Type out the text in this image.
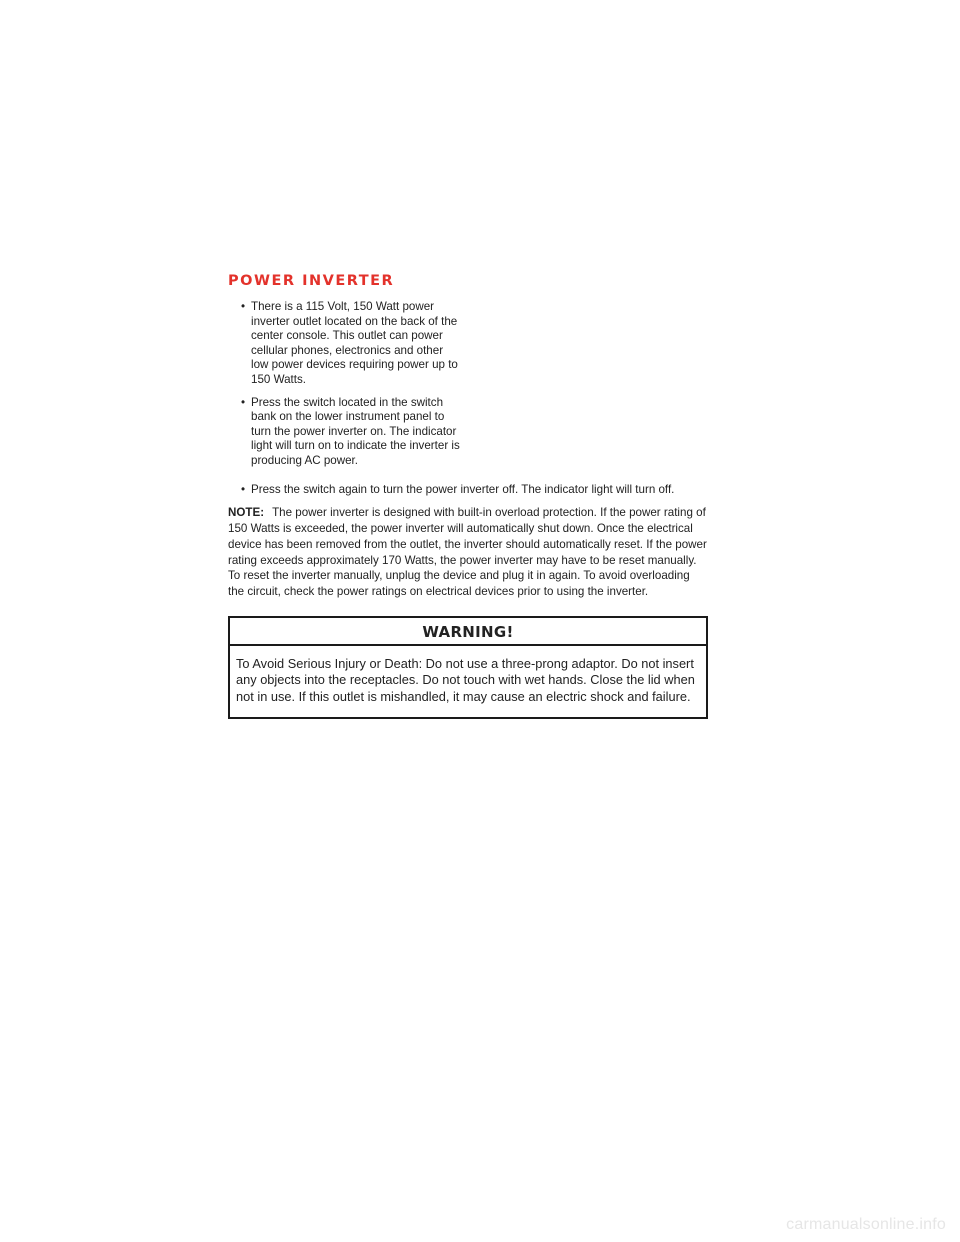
POWER INVERTER
• There is a 115 Volt, 150 Watt power inverter outlet located on the back of the center console. This outlet can power cellular phones, electronics and other low power devices requiring power up to 150 Watts.
• Press the switch located in the switch bank on the lower instrument panel to turn the power inverter on. The indicator light will turn on to indicate the inverter is producing AC power.
• Press the switch again to turn the power inverter off. The indicator light will turn off.
NOTE: The power inverter is designed with built-in overload protection. If the power rating of 150 Watts is exceeded, the power inverter will automatically shut down. Once the electrical device has been removed from the outlet, the inverter should automatically reset. If the power rating exceeds approximately 170 Watts, the power inverter may have to be reset manually. To reset the inverter manually, unplug the device and plug it in again. To avoid overloading the circuit, check the power ratings on electrical devices prior to using the inverter.
WARNING!
To Avoid Serious Injury or Death: Do not use a three-prong adaptor. Do not insert any objects into the receptacles. Do not touch with wet hands. Close the lid when not in use. If this outlet is mishandled, it may cause an electric shock and failure.
carmanualsonline.info
